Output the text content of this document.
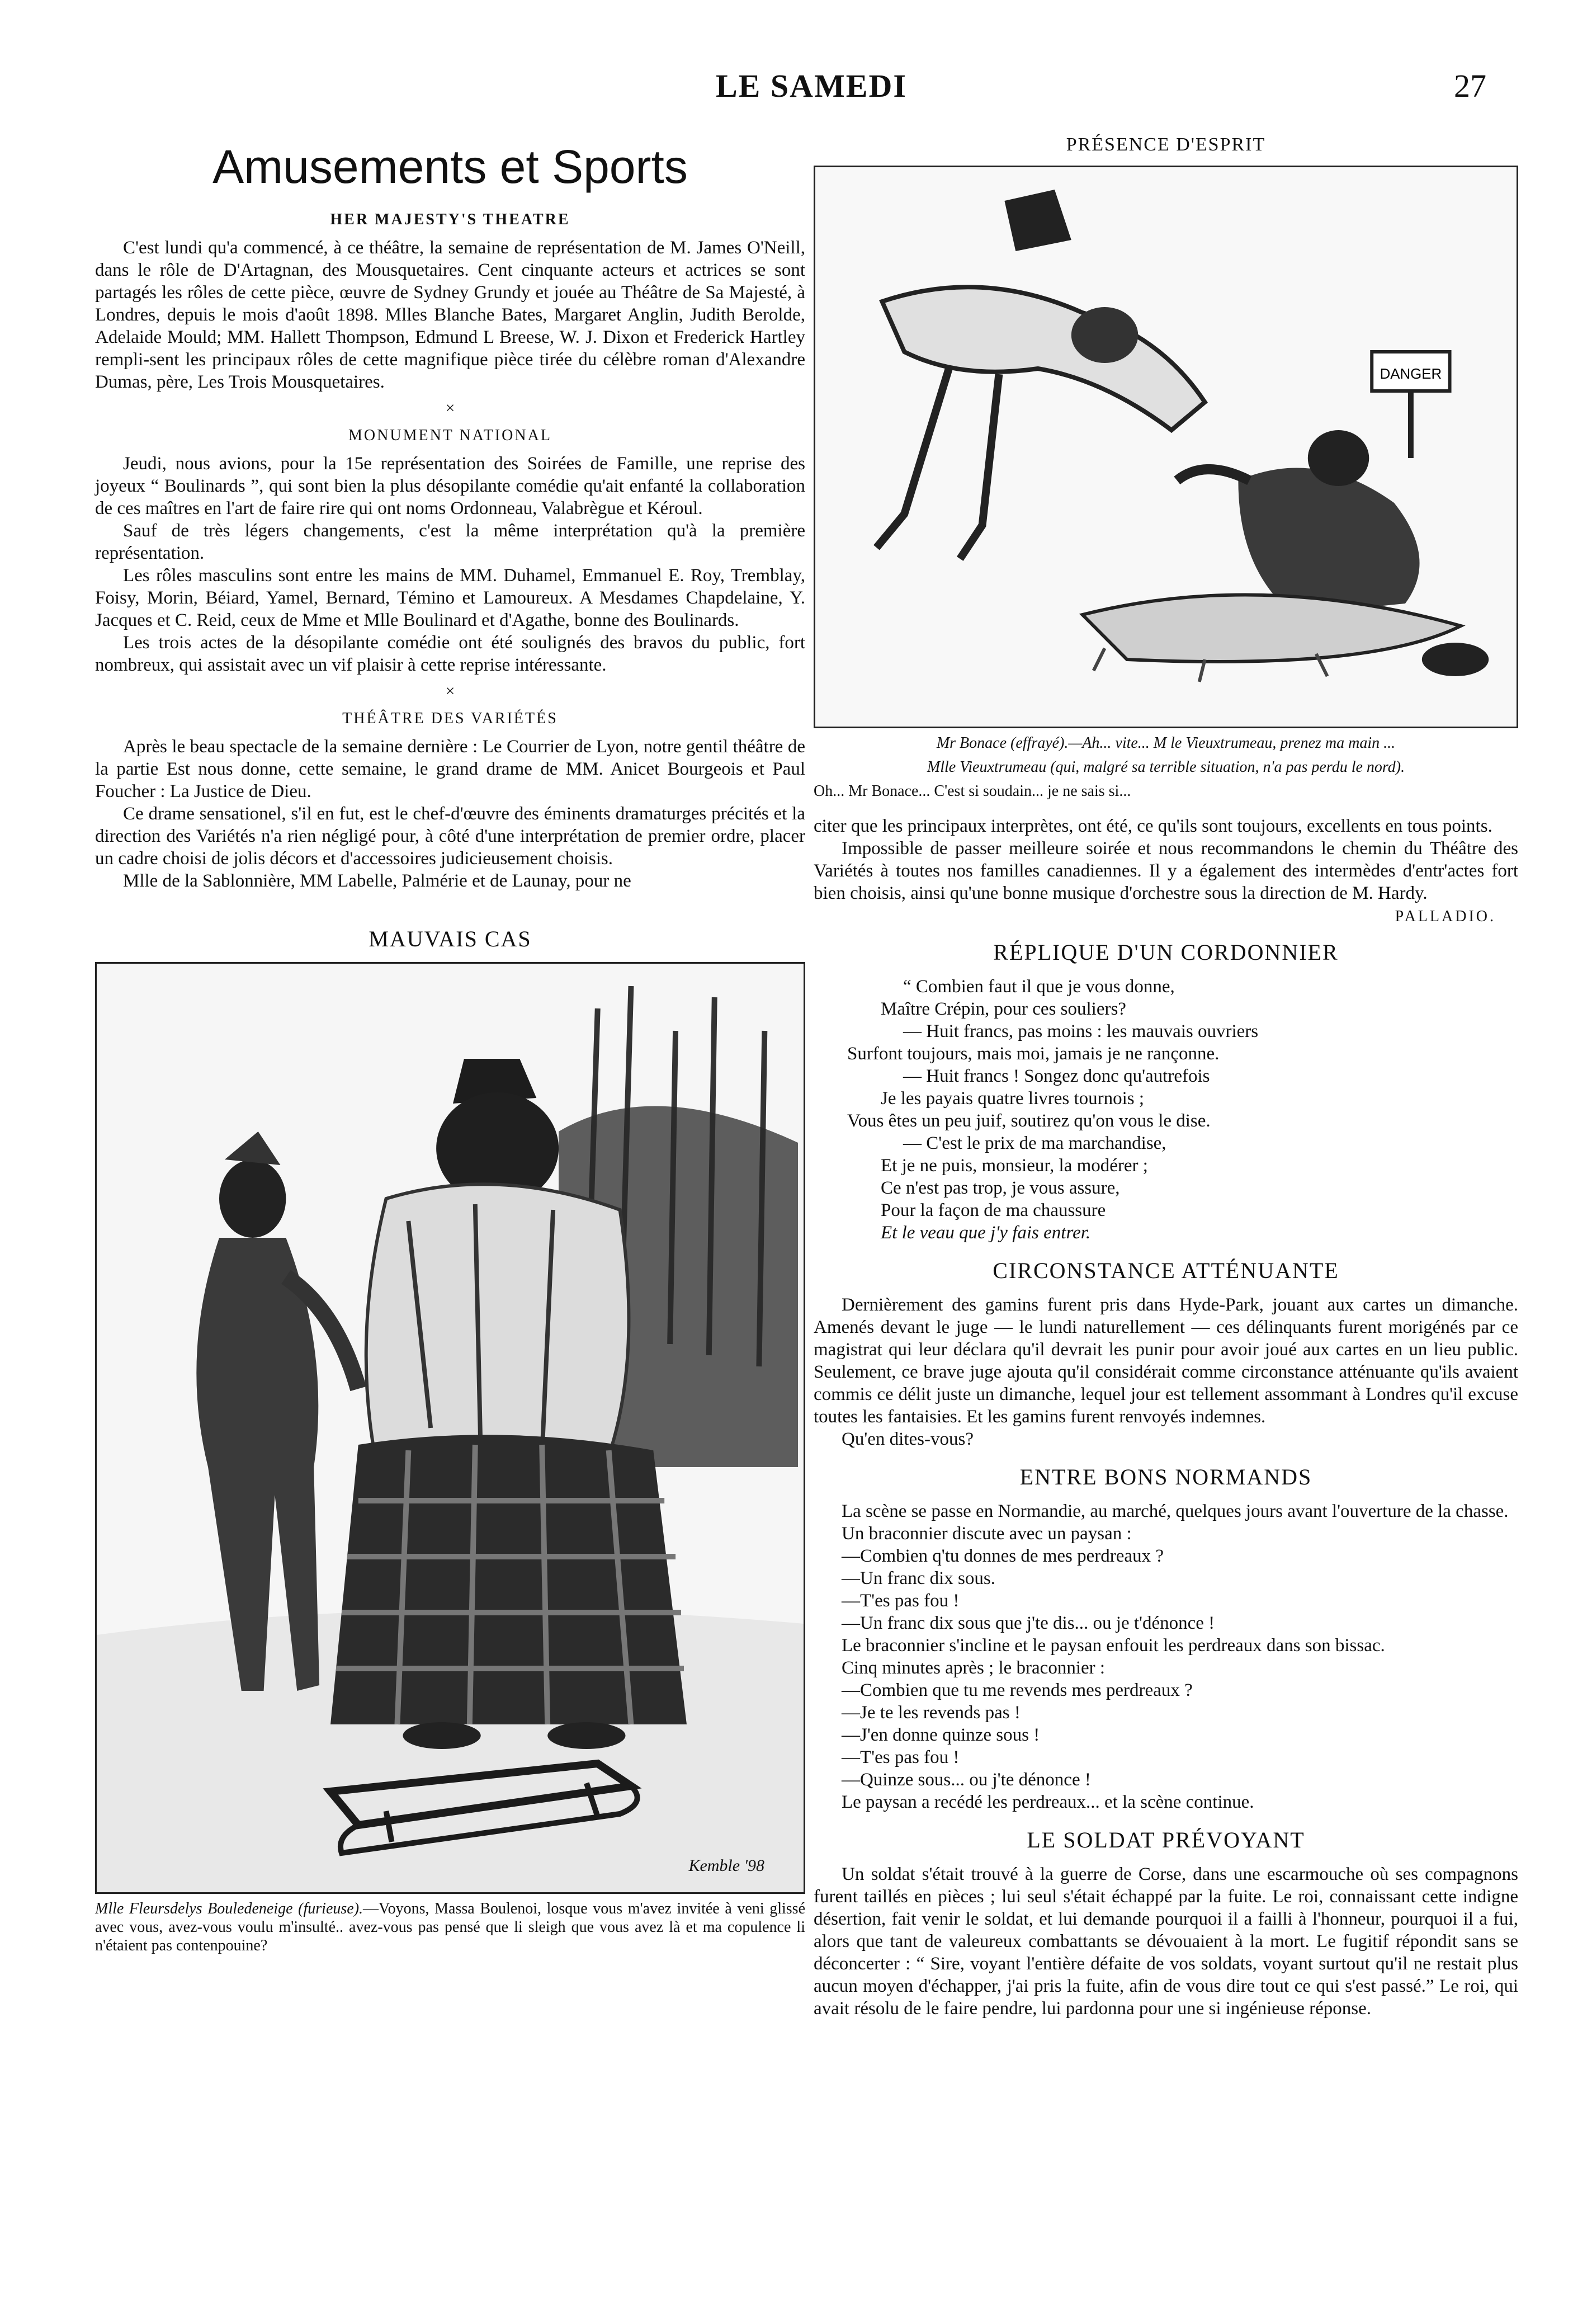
LE SAMEDI	27
Amusements et Sports
HER MAJESTY'S THEATRE

C'est lundi qu'a commencé, à ce théâtre, la semaine de représentation de M. James O'Neill, dans le rôle de D'Artagnan, des Mousquetaires. Cent cinquante acteurs et actrices se sont partagés les rôles de cette pièce, œuvre de Sydney Grundy et jouée au Théâtre de Sa Majesté, à Londres, depuis le mois d'août 1898. Mlles Blanche Bates, Margaret Anglin, Judith Berolde, Adelaide Mould; MM. Hallett Thompson, Edmund L Breese, W. J. Dixon et Frederick Hartley rempli-sent les principaux rôles de cette magnifique pièce tirée du célèbre roman d'Alexandre Dumas, père, Les Trois Mousquetaires.

×
MONUMENT NATIONAL

Jeudi, nous avions, pour la 15e représentation des Soirées de Famille, une reprise des joyeux “ Boulinards ”, qui sont bien la plus désopilante comédie qu'ait enfanté la collaboration de ces maîtres en l'art de faire rire qui ont noms Ordonneau, Valabrègue et Kéroul.

Sauf de très légers changements, c'est la même interprétation qu'à la première représentation.

Les rôles masculins sont entre les mains de MM. Duhamel, Emmanuel E. Roy, Tremblay, Foisy, Morin, Béiard, Yamel, Bernard, Témino et Lamoureux. A Mesdames Chapdelaine, Y. Jacques et C. Reid, ceux de Mme et Mlle Boulinard et d'Agathe, bonne des Boulinards.

Les trois actes de la désopilante comédie ont été soulignés des bravos du public, fort nombreux, qui assistait avec un vif plaisir à cette reprise intéressante.

×
THÉÂTRE DES VARIÉTÉS

Après le beau spectacle de la semaine dernière : Le Courrier de Lyon, notre gentil théâtre de la partie Est nous donne, cette semaine, le grand drame de MM. Anicet Bourgeois et Paul Foucher : La Justice de Dieu.

Ce drame sensationel, s'il en fut, est le chef-d'œuvre des éminents dramaturges précités et la direction des Variétés n'a rien négligé pour, à côté d'une interprétation de premier ordre, placer un cadre choisi de jolis décors et d'accessoires judicieusement choisis.

Mlle de la Sablonnière, MM Labelle, Palmérie et de Launay, pour ne

MAUVAIS CAS
Kemble '98
Mlle Fleursdelys Bouledeneige (furieuse).—Voyons, Massa Boulenoi, losque vous m'avez invitée à veni glissé avec vous, avez-vous voulu m'insulté.. avez-vous pas pensé que li sleigh que vous avez là et ma copulence li n'étaient pas contenpouine?
PRÉSENCE D'ESPRIT
DANGER
Mr Bonace (effrayé).—Ah... vite... M le Vieuxtrumeau, prenez ma main ...
Mlle Vieuxtrumeau (qui, malgré sa terrible situation, n'a pas perdu le nord).
Oh... Mr Bonace... C'est si soudain... je ne sais si...

citer que les principaux interprètes, ont été, ce qu'ils sont toujours, excellents en tous points.

Impossible de passer meilleure soirée et nous recommandons le chemin du Théâtre des Variétés à toutes nos familles canadiennes. Il y a également des intermèdes d'entr'actes fort bien choisis, ainsi qu'une bonne musique d'orchestre sous la direction de M. Hardy.

PALLADIO.
RÉPLIQUE D'UN CORDONNIER
“ Combien faut il que je vous donne,
Maître Crépin, pour ces souliers?
— Huit francs, pas moins : les mauvais ouvriers
Surfont toujours, mais moi, jamais je ne rançonne.
— Huit francs ! Songez donc qu'autrefois
Je les payais quatre livres tournois ;
Vous êtes un peu juif, soutirez qu'on vous le dise.
— C'est le prix de ma marchandise,
Et je ne puis, monsieur, la modérer ;
Ce n'est pas trop, je vous assure,
Pour la façon de ma chaussure
Et le veau que j'y fais entrer.
CIRCONSTANCE ATTÉNUANTE

Dernièrement des gamins furent pris dans Hyde-Park, jouant aux cartes un dimanche. Amenés devant le juge — le lundi naturellement — ces délinquants furent morigénés par ce magistrat qui leur déclara qu'il devrait les punir pour avoir joué aux cartes en un lieu public. Seulement, ce brave juge ajouta qu'il considérait comme circonstance atténuante qu'ils avaient commis ce délit juste un dimanche, lequel jour est tellement assommant à Londres qu'il excuse toutes les fantaisies. Et les gamins furent renvoyés indemnes.

Qu'en dites-vous?

ENTRE BONS NORMANDS

La scène se passe en Normandie, au marché, quelques jours avant l'ouverture de la chasse.

Un braconnier discute avec un paysan :
—Combien q'tu donnes de mes perdreaux ?
—Un franc dix sous.
—T'es pas fou !
—Un franc dix sous que j'te dis... ou je t'dénonce !
Le braconnier s'incline et le paysan enfouit les perdreaux dans son bissac.
Cinq minutes après ; le braconnier :
—Combien que tu me revends mes perdreaux ?
—Je te les revends pas !
—J'en donne quinze sous !
—T'es pas fou !
—Quinze sous... ou j'te dénonce !
Le paysan a recédé les perdreaux... et la scène continue.
LE SOLDAT PRÉVOYANT

Un soldat s'était trouvé à la guerre de Corse, dans une escarmouche où ses compagnons furent taillés en pièces ; lui seul s'était échappé par la fuite. Le roi, connaissant cette indigne désertion, fait venir le soldat, et lui demande pourquoi il a failli à l'honneur, pourquoi il a fui, alors que tant de valeureux combattants se dévouaient à la mort. Le fugitif répondit sans se déconcerter : “ Sire, voyant l'entière défaite de vos soldats, voyant surtout qu'il ne restait plus aucun moyen d'échapper, j'ai pris la fuite, afin de vous dire tout ce qui s'est passé.” Le roi, qui avait résolu de le faire pendre, lui pardonna pour une si ingénieuse réponse.
